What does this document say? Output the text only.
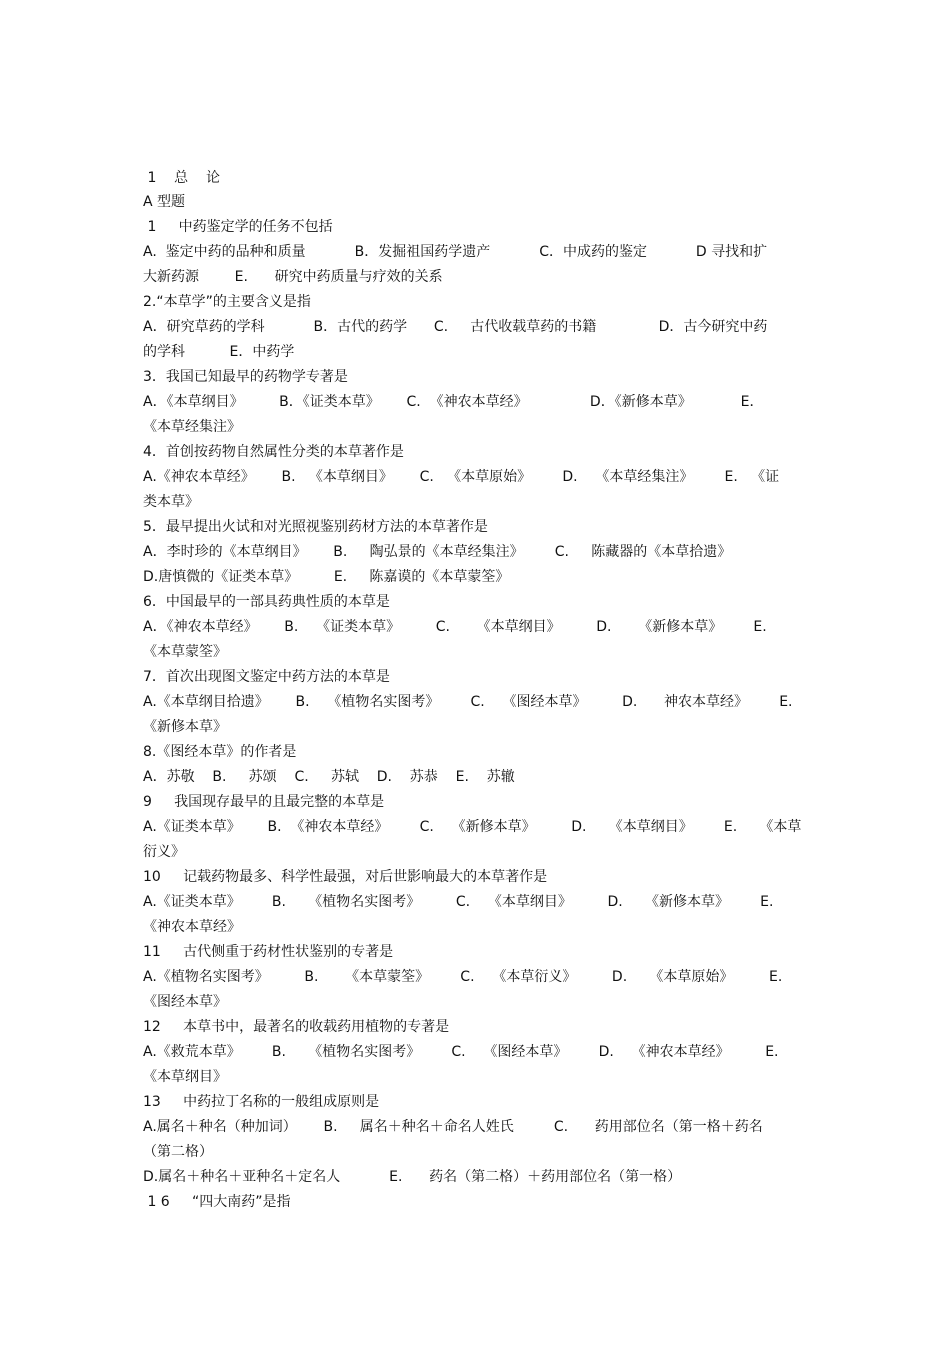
1    总    论
A 型题
1     中药鉴定学的任务不包括
A.  鉴定中药的品种和质量           B．发掘祖国药学遗产           C．中成药的鉴定           D 寻找和扩
大新药源        E.      研究中药质量与疗效的关系
2.“本草学”的主要含义是指
A．研究草药的学科           B．古代的药学      C.     古代收载草药的书籍              D．古今研究中药
的学科          E．中药学
3．我国已知最早的药物学专著是
A．《本草纲目》        B．《证类本草》      C.  《神农本草经》              D．《新修本草》           E．
《本草经集注》
4．首创按药物自然属性分类的本草著作是
A.《神农本草经》      B.   《本草纲目》      C.   《本草原始》       D.    《本草经集注》       E.   《证
类本草》
5．最早提出火试和对光照视鉴别药材方法的本草著作是
A．李时珍的《本草纲目》      B.     陶弘景的《本草经集注》       C.     陈藏器的《本草拾遗》
D.唐慎微的《证类本草》        E.     陈嘉谟的《本草蒙筌》
6．中国最早的一部具药典性质的本草是
A．《神农本草经》      B.    《证类本草》        C.      《本草纲目》        D.      《新修本草》       E.
《本草蒙筌》
7．首次出现图文鉴定中药方法的本草是
A.《本草纲目拾遗》      B.    《植物名实图考》       C.    《图经本草》        D.      神农本草经》       E.
《新修本草》
8.《图经本草》的作者是
A．苏敬    B.     苏颂    C.     苏轼    D.    苏恭    E.    苏辙
9     我国现存最早的且最完整的本草是
A.《证类本草》      B.  《神农本草经》       C.    《新修本草》        D.     《本草纲目》       E.     《本草
衍义》
10     记载药物最多、科学性最强，对后世影响最大的本草著作是
A.《证类本草》       B.     《植物名实图考》        C.    《本草纲目》        D.     《新修本草》       E.
《神农本草经》
11     古代侧重于药材性状鉴别的专著是
A.《植物名实图考》        B.      《本草蒙筌》       C.    《本草衍义》        D.     《本草原始》        E.
《图经本草》
12     本草书中，最著名的收载药用植物的专著是
A.《救荒本草》       B.     《植物名实图考》       C.    《图经本草》       D.    《神农本草经》        E.
《本草纲目》
13     中药拉丁名称的一般组成原则是
A.属名＋种名（种加词）      B.     属名＋种名＋命名人姓氏         C.      药用部位名（第一格＋药名
（第二格）
D.属名＋种名＋亚种名＋定名人           E.      药名（第二格）＋药用部位名（第一格）
1 6     “四大南药”是指
